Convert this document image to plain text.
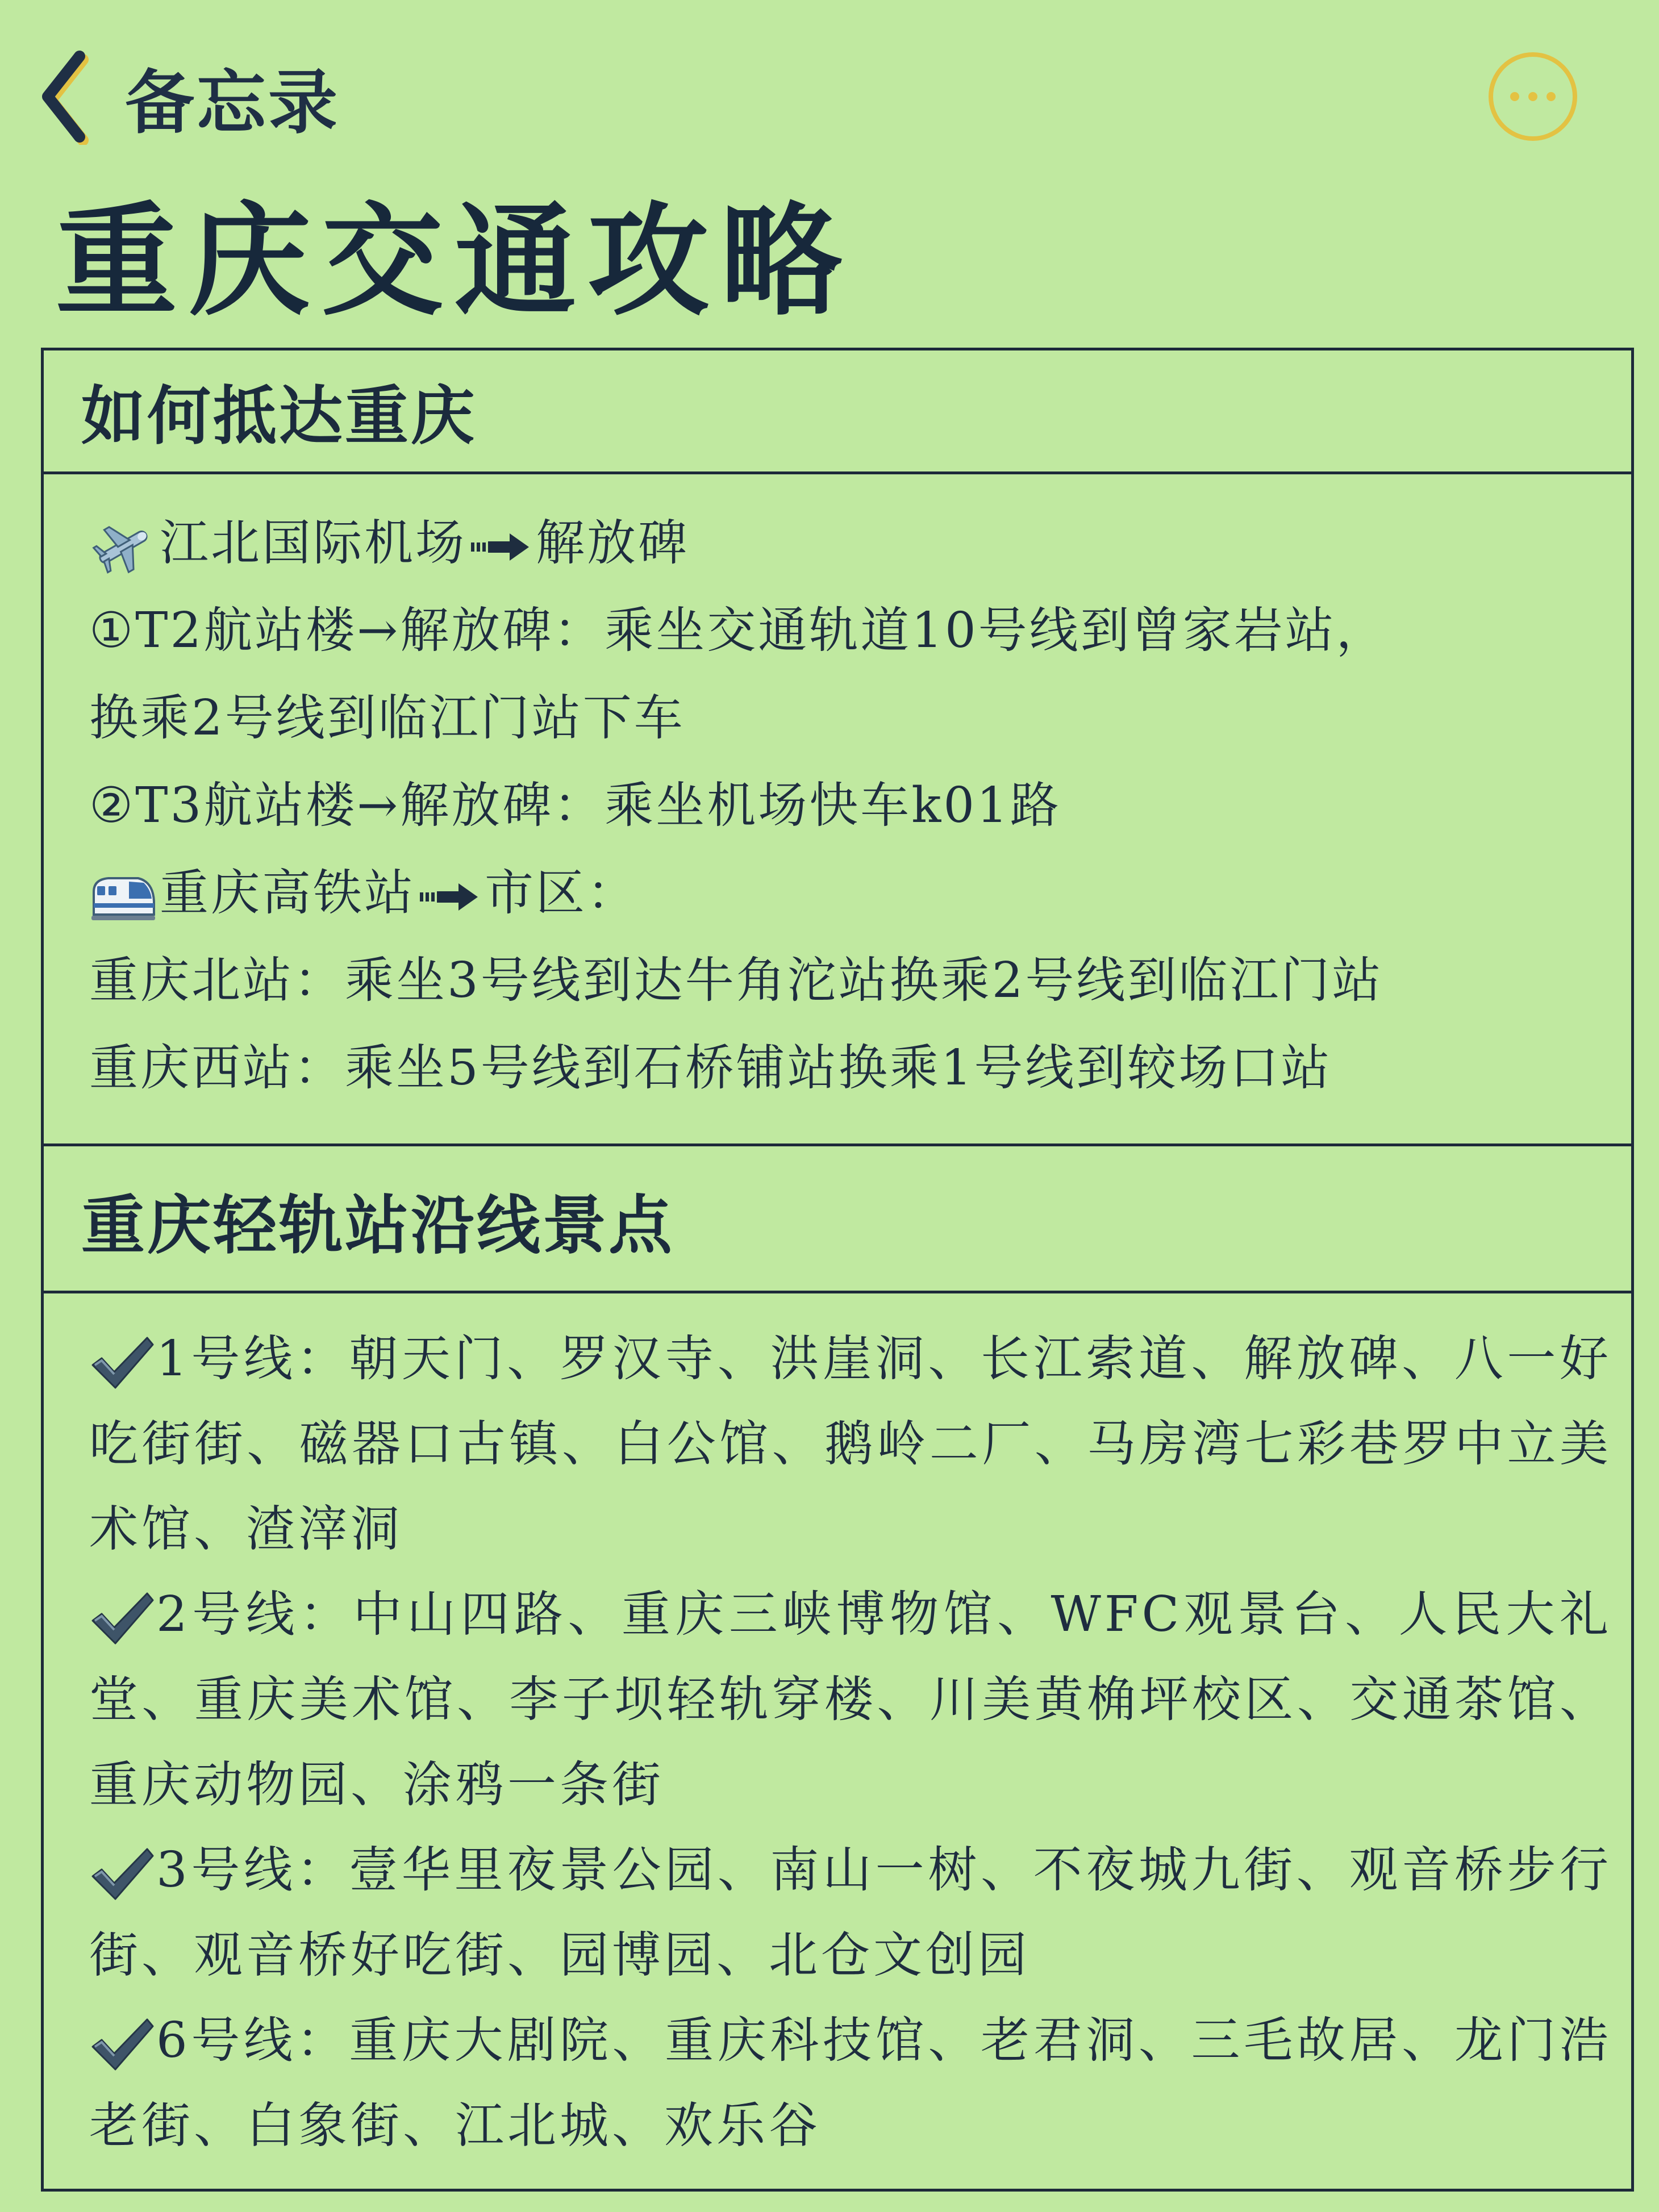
备忘录
重庆交通攻略
如何抵达重庆
江北国际机场 解放碑
①T2航站楼→解放碑：乘坐交通轨道10号线到曾家岩站，
换乘2号线到临江门站下车
②T3航站楼→解放碑：乘坐机场快车k01路
重庆高铁站 市区：
重庆北站：乘坐3号线到达牛角沱站换乘2号线到临江门站
重庆西站：乘坐5号线到石桥铺站换乘1号线到较场口站
重庆轻轨站沿线景点
1号线：朝天门、罗汉寺、洪崖洞、长江索道、解放碑、八一好吃街街、磁器口古镇、白公馆、鹅岭二厂、马房湾七彩巷罗中立美术馆、渣滓洞
2号线：中山四路、重庆三峡博物馆、WFC观景台、人民大礼堂、重庆美术馆、李子坝轻轨穿楼、川美黄桷坪校区、交通茶馆、重庆动物园、涂鸦一条街
3号线：壹华里夜景公园、南山一树、不夜城九街、观音桥步行街、观音桥好吃街、园博园、北仓文创园
6号线：重庆大剧院、重庆科技馆、老君洞、三毛故居、龙门浩老街、白象街、江北城、欢乐谷
